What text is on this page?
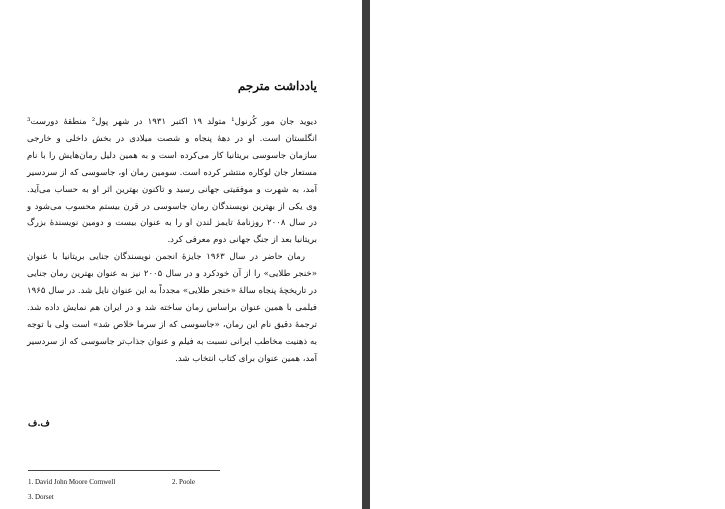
یادداشت مترجم

دیوید جان مور کُرنول¹ متولد ۱۹ اکتبر ۱۹۳۱ در شهر پول² منطقهٔ دورست³ انگلستان است. او در دههٔ پنجاه و شصت میلادی در بخش داخلی و خارجی سازمان جاسوسی بریتانیا کار می‌کرده است و به همین دلیل رمان‌هایش را با نام مستعار جان لوکاره منتشر کرده است. سومین رمان او، جاسوسی که از سردسیر آمد، به شهرت و موفقیتی جهانی رسید و تاکنون بهترین اثر او به حساب می‌آید. وی یکی از بهترین نویسندگان رمان جاسوسی در قرن بیستم محسوب می‌شود و در سال ۲۰۰۸ روزنامهٔ تایمز لندن او را به عنوان بیست و دومین نویسندهٔ بزرگ بریتانیا بعد از جنگ جهانی دوم معرفی کرد.

رمان حاضر در سال ۱۹۶۳ جایزهٔ انجمن نویسندگان جنایی بریتانیا با عنوان «خنجر طلایی» را از آن خودکرد و در سال ۲۰۰۵ نیز به عنوان بهترین رمان جنایی در تاریخچهٔ پنجاه سالهٔ «خنجر طلایی» مجدداً به این عنوان نایل شد. در سال ۱۹۶۵ فیلمی با همین عنوان براساس رمان ساخته شد و در ایران هم نمایش داده شد. ترجمهٔ دقیق نام این رمان، «جاسوسی که از سرما خلاص شد» است ولی با توجه به ذهنیت مخاطب ایرانی نسبت به فیلم و عنوان جذاب‌تر جاسوسی که از سردسیر آمد، همین عنوان برای کتاب انتخاب شد.

ف.ف
1. David John Moore Cornwell	2. Poole
3. Dorset
